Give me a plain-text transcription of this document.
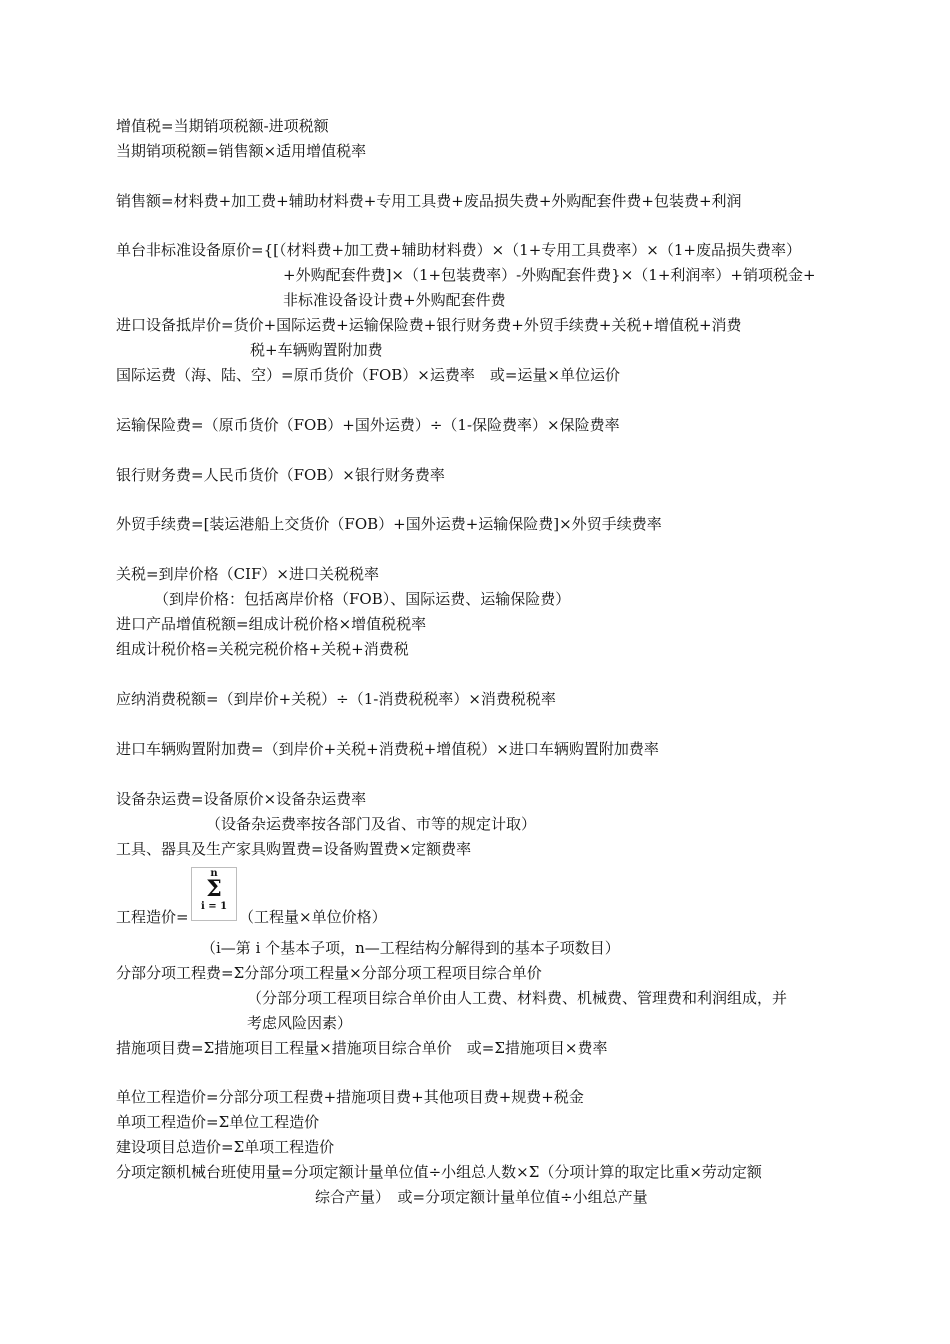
增值税=当期销项税额-进项税额
当期销项税额=销售额×适用增值税率
销售额=材料费+加工费+辅助材料费+专用工具费+废品损失费+外购配套件费+包装费+利润
单台非标准设备原价={[（材料费+加工费+辅助材料费）×（1+专用工具费率）×（1+废品损失费率）
+外购配套件费]×（1+包装费率）-外购配套件费}×（1+利润率）+销项税金+
非标准设备设计费+外购配套件费
进口设备抵岸价=货价+国际运费+运输保险费+银行财务费+外贸手续费+关税+增值税+消费
税+车辆购置附加费
国际运费（海、陆、空）=原币货价（FOB）×运费率　或=运量×单位运价
运输保险费=（原币货价（FOB）+国外运费）÷（1-保险费率）×保险费率
银行财务费=人民币货价（FOB）×银行财务费率
外贸手续费=[装运港船上交货价（FOB）+国外运费+运输保险费]×外贸手续费率
关税=到岸价格（CIF）×进口关税税率
（到岸价格：包括离岸价格（FOB）、国际运费、运输保险费）
进口产品增值税额=组成计税价格×增值税税率
组成计税价格=关税完税价格+关税+消费税
应纳消费税额=（到岸价+关税）÷（1-消费税税率）×消费税税率
进口车辆购置附加费=（到岸价+关税+消费税+增值税）×进口车辆购置附加费率
设备杂运费=设备原价×设备杂运费率
（设备杂运费率按各部门及省、市等的规定计取）
工具、器具及生产家具购置费=设备购置费×定额费率
工程造价=
n
Σ
i = 1
（工程量×单位价格）
（i—第 i 个基本子项，n—工程结构分解得到的基本子项数目）
分部分项工程费=Σ分部分项工程量×分部分项工程项目综合单价
（分部分项工程项目综合单价由人工费、材料费、机械费、管理费和利润组成，并
考虑风险因素）
措施项目费=Σ措施项目工程量×措施项目综合单价　或=Σ措施项目×费率
单位工程造价=分部分项工程费+措施项目费+其他项目费+规费+税金
单项工程造价=Σ单位工程造价
建设项目总造价=Σ单项工程造价
分项定额机械台班使用量=分项定额计量单位值÷小组总人数×Σ（分项计算的取定比重×劳动定额
综合产量）　或=分项定额计量单位值÷小组总产量
